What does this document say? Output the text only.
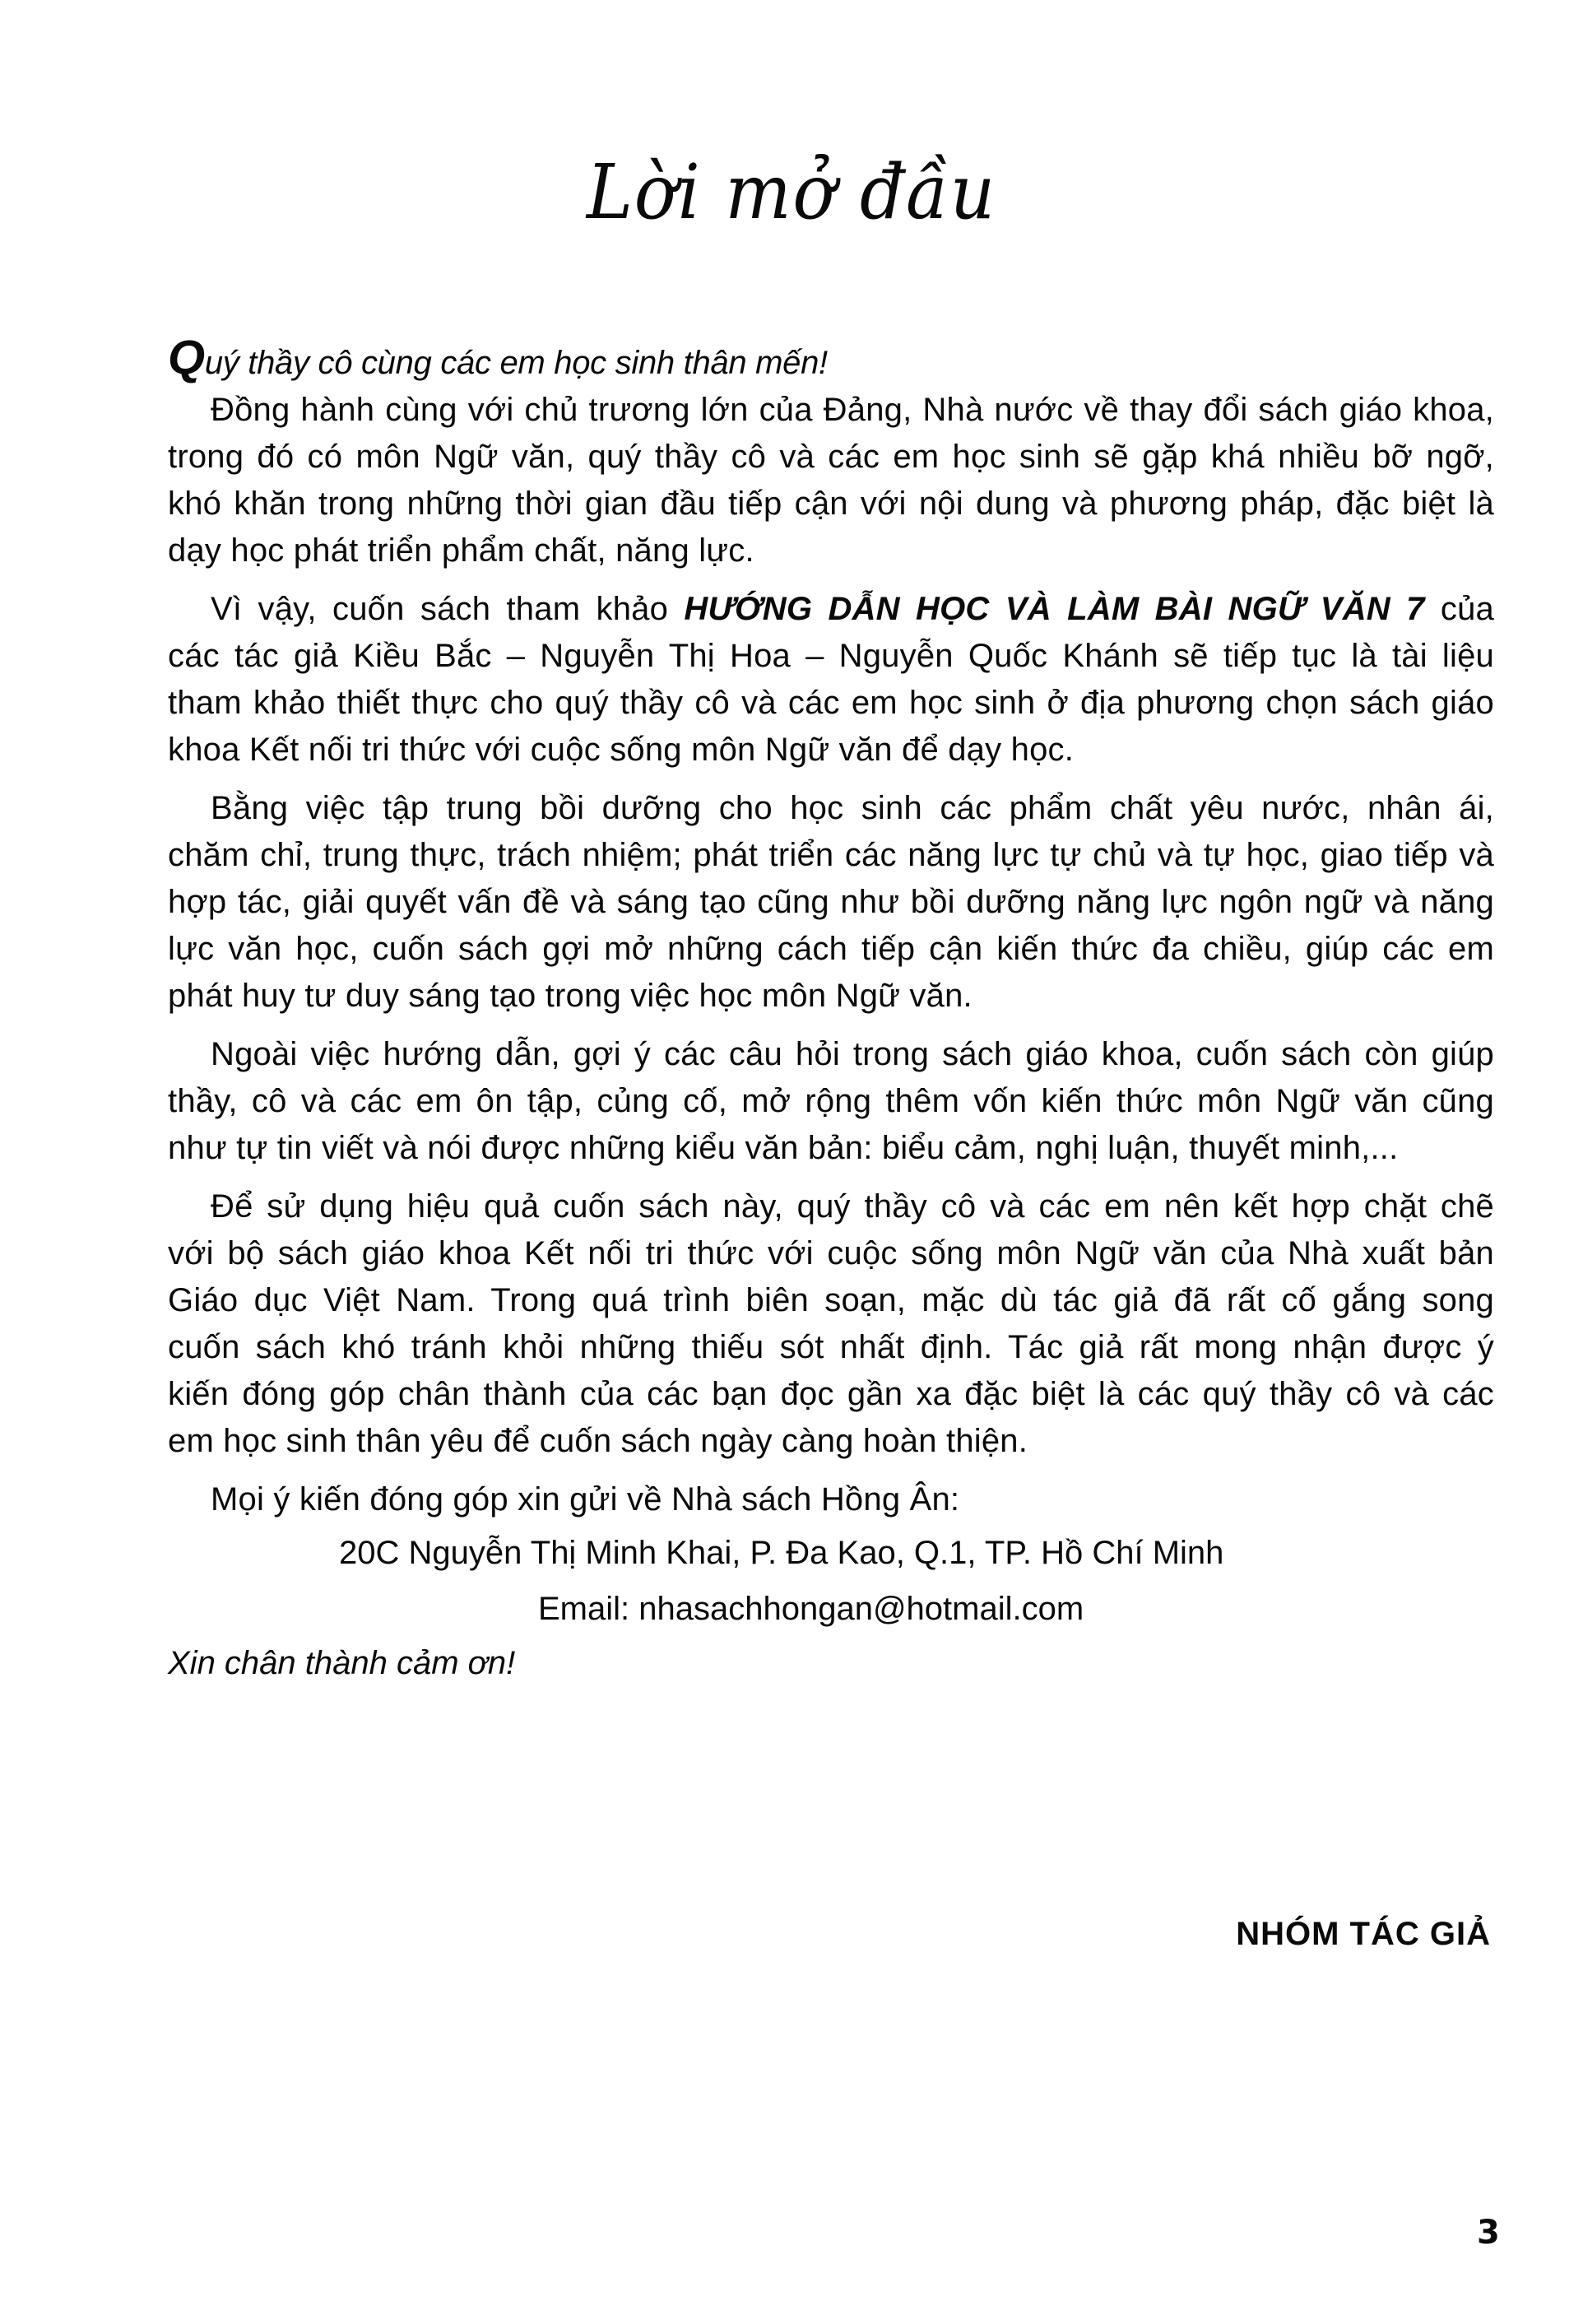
Lời mở đầu
Quý thầy cô cùng các em học sinh thân mến!
Đồng hành cùng với chủ trương lớn của Đảng, Nhà nước về thay đổi sách giáo khoa,
trong đó có môn Ngữ văn, quý thầy cô và các em học sinh sẽ gặp khá nhiều bỡ ngỡ,
khó khăn trong những thời gian đầu tiếp cận với nội dung và phương pháp, đặc biệt là
dạy học phát triển phẩm chất, năng lực.
Vì vậy, cuốn sách tham khảo HƯỚNG DẪN HỌC VÀ LÀM BÀI NGỮ VĂN 7 của
các tác giả Kiều Bắc – Nguyễn Thị Hoa – Nguyễn Quốc Khánh sẽ tiếp tục là tài liệu
tham khảo thiết thực cho quý thầy cô và các em học sinh ở địa phương chọn sách giáo
khoa Kết nối tri thức với cuộc sống môn Ngữ văn để dạy học.
Bằng việc tập trung bồi dưỡng cho học sinh các phẩm chất yêu nước, nhân ái,
chăm chỉ, trung thực, trách nhiệm; phát triển các năng lực tự chủ và tự học, giao tiếp và
hợp tác, giải quyết vấn đề và sáng tạo cũng như bồi dưỡng năng lực ngôn ngữ và năng
lực văn học, cuốn sách gợi mở những cách tiếp cận kiến thức đa chiều, giúp các em
phát huy tư duy sáng tạo trong việc học môn Ngữ văn.
Ngoài việc hướng dẫn, gợi ý các câu hỏi trong sách giáo khoa, cuốn sách còn giúp
thầy, cô và các em ôn tập, củng cố, mở rộng thêm vốn kiến thức môn Ngữ văn cũng
như tự tin viết và nói được những kiểu văn bản: biểu cảm, nghị luận, thuyết minh,...
Để sử dụng hiệu quả cuốn sách này, quý thầy cô và các em nên kết hợp chặt chẽ
với bộ sách giáo khoa Kết nối tri thức với cuộc sống môn Ngữ văn của Nhà xuất bản
Giáo dục Việt Nam. Trong quá trình biên soạn, mặc dù tác giả đã rất cố gắng song
cuốn sách khó tránh khỏi những thiếu sót nhất định. Tác giả rất mong nhận được ý
kiến đóng góp chân thành của các bạn đọc gần xa đặc biệt là các quý thầy cô và các
em học sinh thân yêu để cuốn sách ngày càng hoàn thiện.
Mọi ý kiến đóng góp xin gửi về Nhà sách Hồng Ân:
20C Nguyễn Thị Minh Khai, P. Đa Kao, Q.1, TP. Hồ Chí Minh
Email: nhasachhongan@hotmail.com
Xin chân thành cảm ơn!
NHÓM TÁC GIẢ
3
